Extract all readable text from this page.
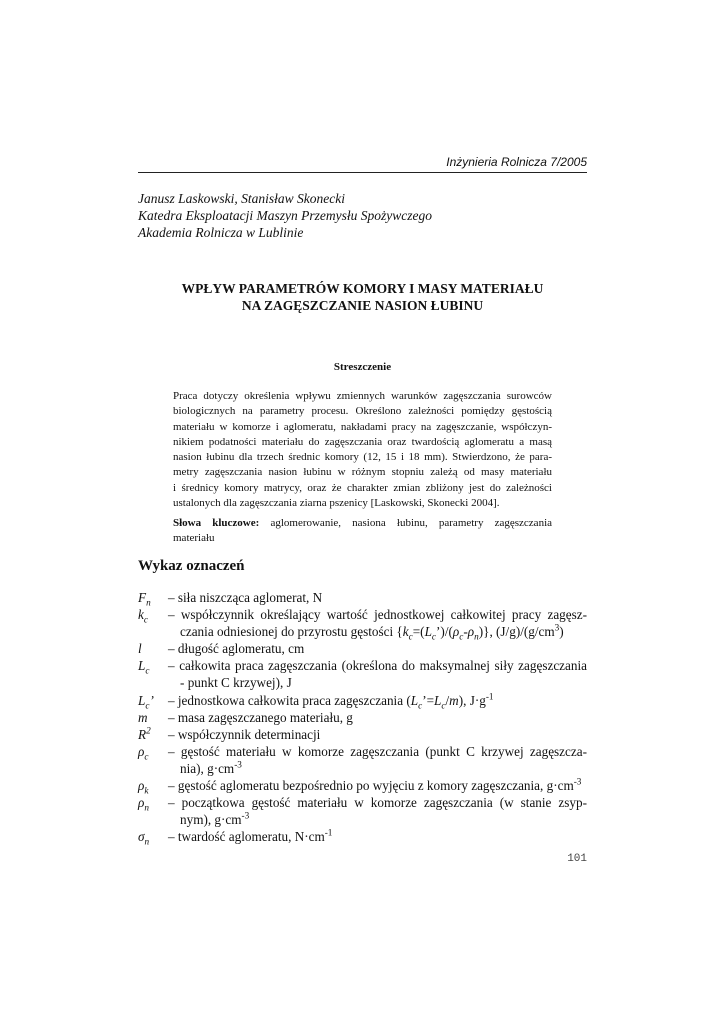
Inżynieria Rolnicza 7/2005
Janusz Laskowski, Stanisław Skonecki
Katedra Eksploatacji Maszyn Przemysłu Spożywczego
Akademia Rolnicza w Lublinie
WPŁYW PARAMETRÓW KOMORY I MASY MATERIAŁU
NA ZAGĘSZCZANIE NASION ŁUBINU
Streszczenie
Praca dotyczy określenia wpływu zmiennych warunków zagęszczania surowców
biologicznych na parametry procesu. Określono zależności pomiędzy gęstością
materiału w komorze i aglomeratu, nakładami pracy na zagęszczanie, współczyn-
nikiem podatności materiału do zagęszczania oraz twardością aglomeratu a masą
nasion łubinu dla trzech średnic komory (12, 15 i 18 mm). Stwierdzono, że para-
metry zagęszczania nasion łubinu w różnym stopniu zależą od masy materiału
i średnicy komory matrycy, oraz że charakter zmian zbliżony jest do zależności
ustalonych dla zagęszczania ziarna pszenicy [Laskowski, Skonecki 2004].
Słowa kluczowe: aglomerowanie, nasiona łubinu, parametry zagęszczania
materiału
Wykaz oznaczeń
$F_n$	– siła niszcząca aglomerat, N
$k_c$	– współczynnik określający wartość jednostkowej całkowitej pracy zagęsz-
czania odniesionej do przyrostu gęstości $\{k_c=(L_c’)/(\rho_c-\rho_n)\}$, $(J/g)/(g/cm^3)$
l	– długość aglomeratu, cm
$L_c$	– całkowita praca zagęszczania (określona do maksymalnej siły zagęszczania
- punkt C krzywej), J
$L_c$’	– jednostkowa całkowita praca zagęszczania $(L_c’=L_c/m)$, $J\cdot g^{-1}$
m	– masa zagęszczanego materiału, g
$R^2$	– współczynnik determinacji
$\rho_c$	– gęstość materiału w komorze zagęszczania (punkt C krzywej zagęszcza-
nia), $g\cdot cm^{-3}$
$\rho_k$	– gęstość aglomeratu bezpośrednio po wyjęciu z komory zagęszczania, $g\cdot cm^{-3}$
$\rho_n$	– początkowa gęstość materiału w komorze zagęszczania (w stanie zsyp-
nym), $g\cdot cm^{-3}$
$\sigma_n$	– twardość aglomeratu, $N\cdot cm^{-1}$
101
